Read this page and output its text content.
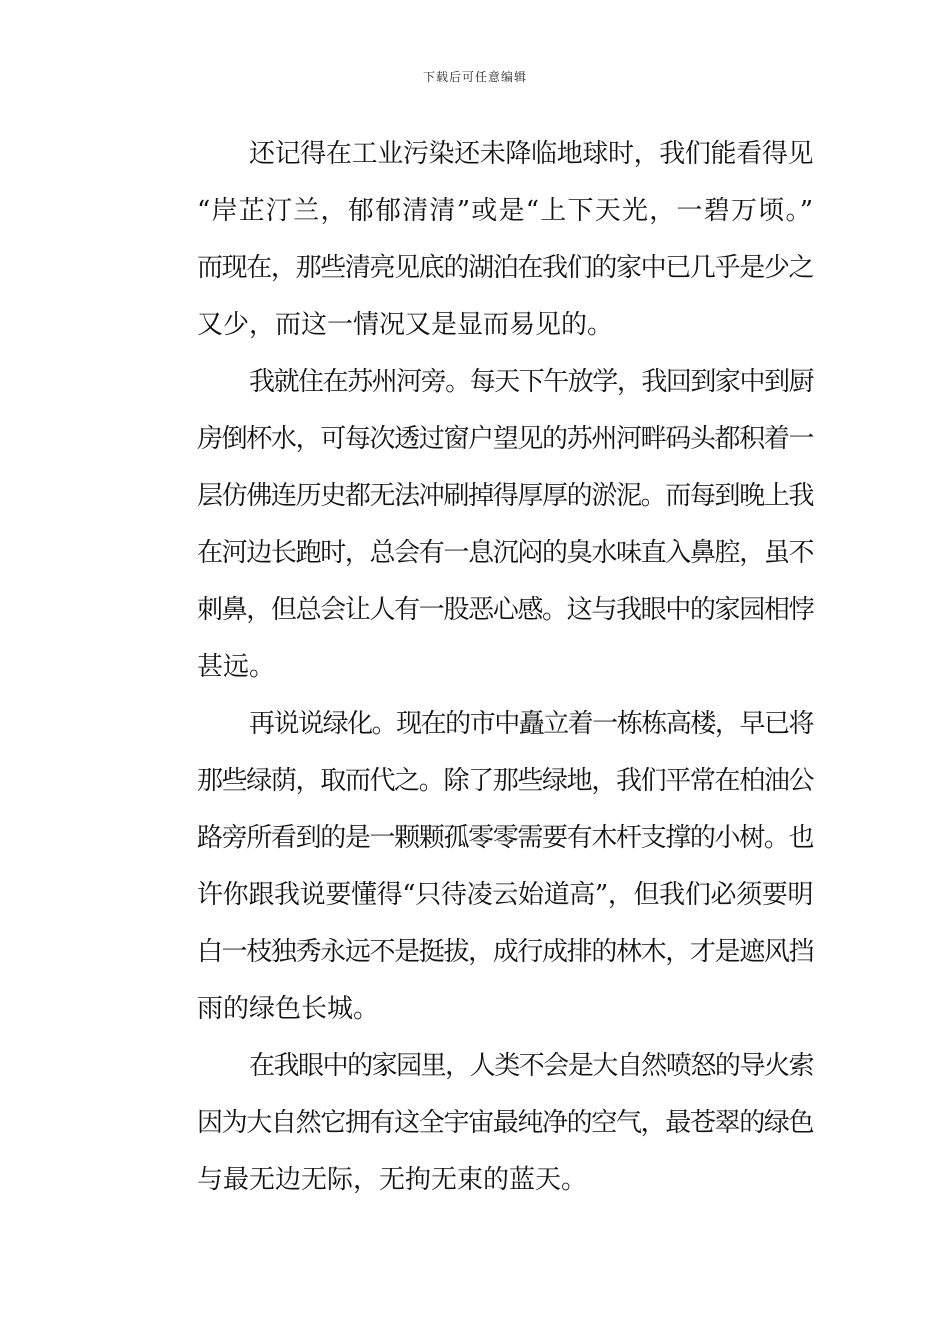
下载后可任意编辑
还记得在工业污染还未降临地球时，我们能看得见
“岸芷汀兰，郁郁清清”或是“上下天光，一碧万顷。”
而现在，那些清亮见底的湖泊在我们的家中已几乎是少之
又少，而这一情况又是显而易见的。
我就住在苏州河旁。每天下午放学，我回到家中到厨
房倒杯水，可每次透过窗户望见的苏州河畔码头都积着一
层仿佛连历史都无法冲刷掉得厚厚的淤泥。而每到晚上我
在河边长跑时，总会有一息沉闷的臭水味直入鼻腔，虽不
刺鼻，但总会让人有一股恶心感。这与我眼中的家园相悖
甚远。
再说说绿化。现在的市中矗立着一栋栋高楼，早已将
那些绿荫，取而代之。除了那些绿地，我们平常在柏油公
路旁所看到的是一颗颗孤零零需要有木杆支撑的小树。也
许你跟我说要懂得“只待凌云始道高”，但我们必须要明
白一枝独秀永远不是挺拔，成行成排的林木，才是遮风挡
雨的绿色长城。
在我眼中的家园里，人类不会是大自然喷怒的导火索
因为大自然它拥有这全宇宙最纯净的空气，最苍翠的绿色
与最无边无际，无拘无束的蓝天。
